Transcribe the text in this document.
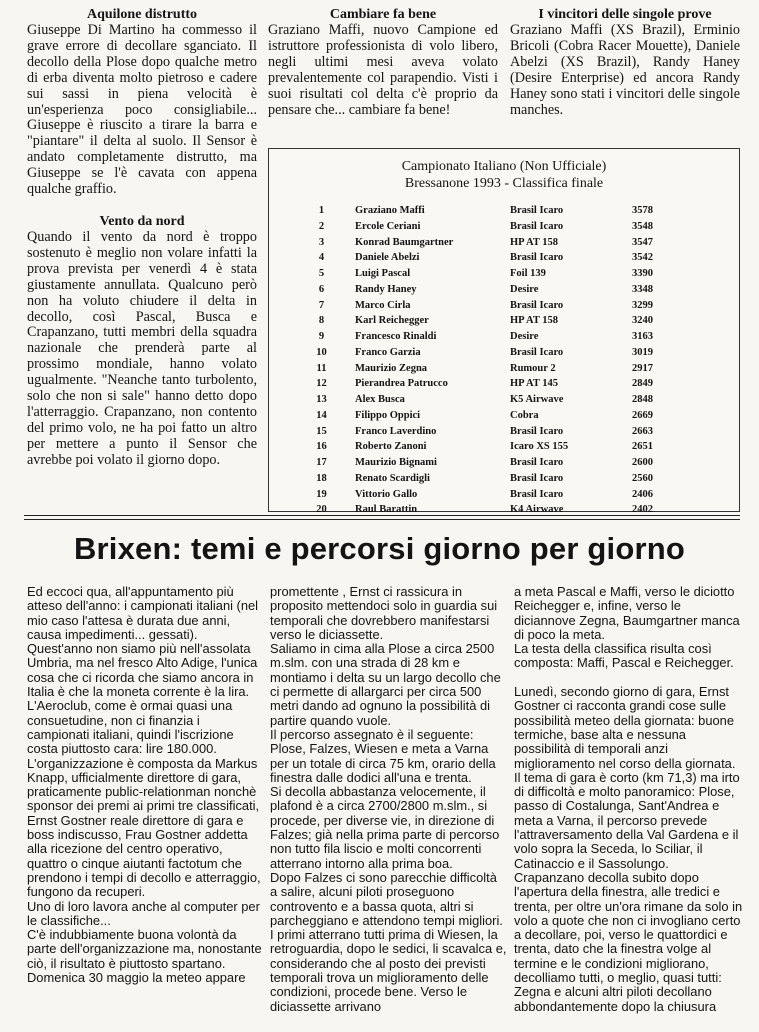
Aquilone distrutto

Giuseppe Di Martino ha commesso il grave errore di decollare sganciato. Il decollo della Plose dopo qualche metro di erba diventa molto pietroso e cadere sui sassi in piena velocità è un'esperienza poco consigliabile... Giuseppe è riuscito a tirare la barra e "piantare" il delta al suolo. Il Sensor è andato completamente distrutto, ma Giuseppe se l'è cavata con appena qualche graffio.

Vento da nord

Quando il vento da nord è troppo sostenuto è meglio non volare infatti la prova prevista per venerdì 4 è stata giustamente annullata. Qualcuno però non ha voluto chiudere il delta in decollo, così Pascal, Busca e Crapanzano, tutti membri della squadra nazionale che prenderà parte al prossimo mondiale, hanno volato ugualmente. "Neanche tanto turbolento, solo che non si sale" hanno detto dopo l'atterraggio. Crapanzano, non contento del primo volo, ne ha poi fatto un altro per mettere a punto il Sensor che avrebbe poi volato il giorno dopo.

Cambiare fa bene

Graziano Maffi, nuovo Campione ed istruttore professionista di volo libero, negli ultimi mesi aveva volato prevalentemente col parapendio. Visti i suoi risultati col delta c'è proprio da pensare che... cambiare fa bene!

I vincitori delle singole prove

Graziano Maffi (XS Brazil), Erminio Bricoli (Cobra Racer Mouette), Daniele Abelzi (XS Brazil), Randy Haney (Desire Enterprise) ed ancora Randy Haney sono stati i vincitori delle singole manches.

Campionato Italiano (Non Ufficiale)
Bressanone 1993 - Classifica finale
1	Graziano Maffi	Brasil Icaro	3578
2	Ercole Ceriani	Brasil Icaro	3548
3	Konrad Baumgartner	HP AT 158	3547
4	Daniele Abelzi	Brasil Icaro	3542
5	Luigi Pascal	Foil 139	3390
6	Randy Haney	Desire	3348
7	Marco Cirla	Brasil Icaro	3299
8	Karl Reichegger	HP AT 158	3240
9	Francesco Rinaldi	Desire	3163
10	Franco Garzia	Brasil Icaro	3019
11	Maurizio Zegna	Rumour 2	2917
12	Pierandrea Patrucco	HP AT 145	2849
13	Alex Busca	K5 Airwave	2848
14	Filippo Oppici	Cobra	2669
15	Franco Laverdino	Brasil Icaro	2663
16	Roberto Zanoni	Icaro XS 155	2651
17	Maurizio Bignami	Brasil Icaro	2600
18	Renato Scardigli	Brasil Icaro	2560
19	Vittorio Gallo	Brasil Icaro	2406
20	Raul Barattin	K4 Airwave	2402
Brixen: temi e percorsi giorno per giorno

Ed eccoci qua, all'appuntamento più atteso dell'anno: i campionati italiani (nel mio caso l'attesa è durata due anni, causa impedimenti... gessati).

Quest'anno non siamo più nell'assolata Umbria, ma nel fresco Alto Adige, l'unica cosa che ci ricorda che siamo ancora in Italia è che la moneta corrente è la lira.

L'Aeroclub, come è ormai quasi una consuetudine, non ci finanzia i campionati italiani, quindi l'iscrizione costa piuttosto cara: lire 180.000.

L'organizzazione è composta da Markus Knapp, ufficialmente direttore di gara, praticamente public-relationman nonchè sponsor dei premi ai primi tre classificati, Ernst Gostner reale direttore di gara e boss indiscusso, Frau Gostner addetta alla ricezione del centro operativo, quattro o cinque aiutanti factotum che prendono i tempi di decollo e atterraggio, fungono da recuperi.

Uno di loro lavora anche al computer per le classifiche...

C'è indubbiamente buona volontà da parte dell'organizzazione ma, nonostante ciò, il risultato è piuttosto spartano.

Domenica 30 maggio la meteo appare

promettente , Ernst ci rassicura in proposito mettendoci solo in guardia sui temporali che dovrebbero manifestarsi verso le diciassette.

Saliamo in cima alla Plose a circa 2500 m.slm. con una strada di 28 km e montiamo i delta su un largo decollo che ci permette di allargarci per circa 500 metri dando ad ognuno la possibilità di partire quando vuole.

Il percorso assegnato è il seguente: Plose, Falzes, Wiesen e meta a Varna per un totale di circa 75 km, orario della finestra dalle dodici all'una e trenta.

Si decolla abbastanza velocemente, il plafond è a circa 2700/2800 m.slm., si procede, per diverse vie, in direzione di Falzes; già nella prima parte di percorso non tutto fila liscio e molti concorrenti atterrano intorno alla prima boa.

Dopo Falzes ci sono parecchie difficoltà a salire, alcuni piloti proseguono controvento e a bassa quota, altri si parcheggiano e attendono tempi migliori. I primi atterrano tutti prima di Wiesen, la retroguardia, dopo le sedici, li scavalca e, considerando che al posto dei previsti temporali trova un miglioramento delle condizioni, procede bene. Verso le diciassette arrivano

a meta Pascal e Maffi, verso le diciotto Reichegger e, infine, verso le diciannove Zegna, Baumgartner manca di poco la meta.

La testa della classifica risulta così composta: Maffi, Pascal e Reichegger.

Lunedì, secondo giorno di gara, Ernst Gostner ci racconta grandi cose sulle possibilità meteo della giornata: buone termiche, base alta e nessuna possibilità di temporali anzi miglioramento nel corso della giornata.

Il tema di gara è corto (km 71,3) ma irto di difficoltà e molto panoramico: Plose, passo di Costalunga, Sant'Andrea e meta a Varna, il percorso prevede l'attraversamento della Val Gardena e il volo sopra la Seceda, lo Sciliar, il Catinaccio e il Sassolungo.

Crapanzano decolla subito dopo l'apertura della finestra, alle tredici e trenta, per oltre un'ora rimane da solo in volo a quote che non ci invogliano certo a decollare, poi, verso le quattordici e trenta, dato che la finestra volge al termine e le condizioni migliorano, decolliamo tutti, o meglio, quasi tutti: Zegna e alcuni altri piloti decollano abbondantemente dopo la chiusura
